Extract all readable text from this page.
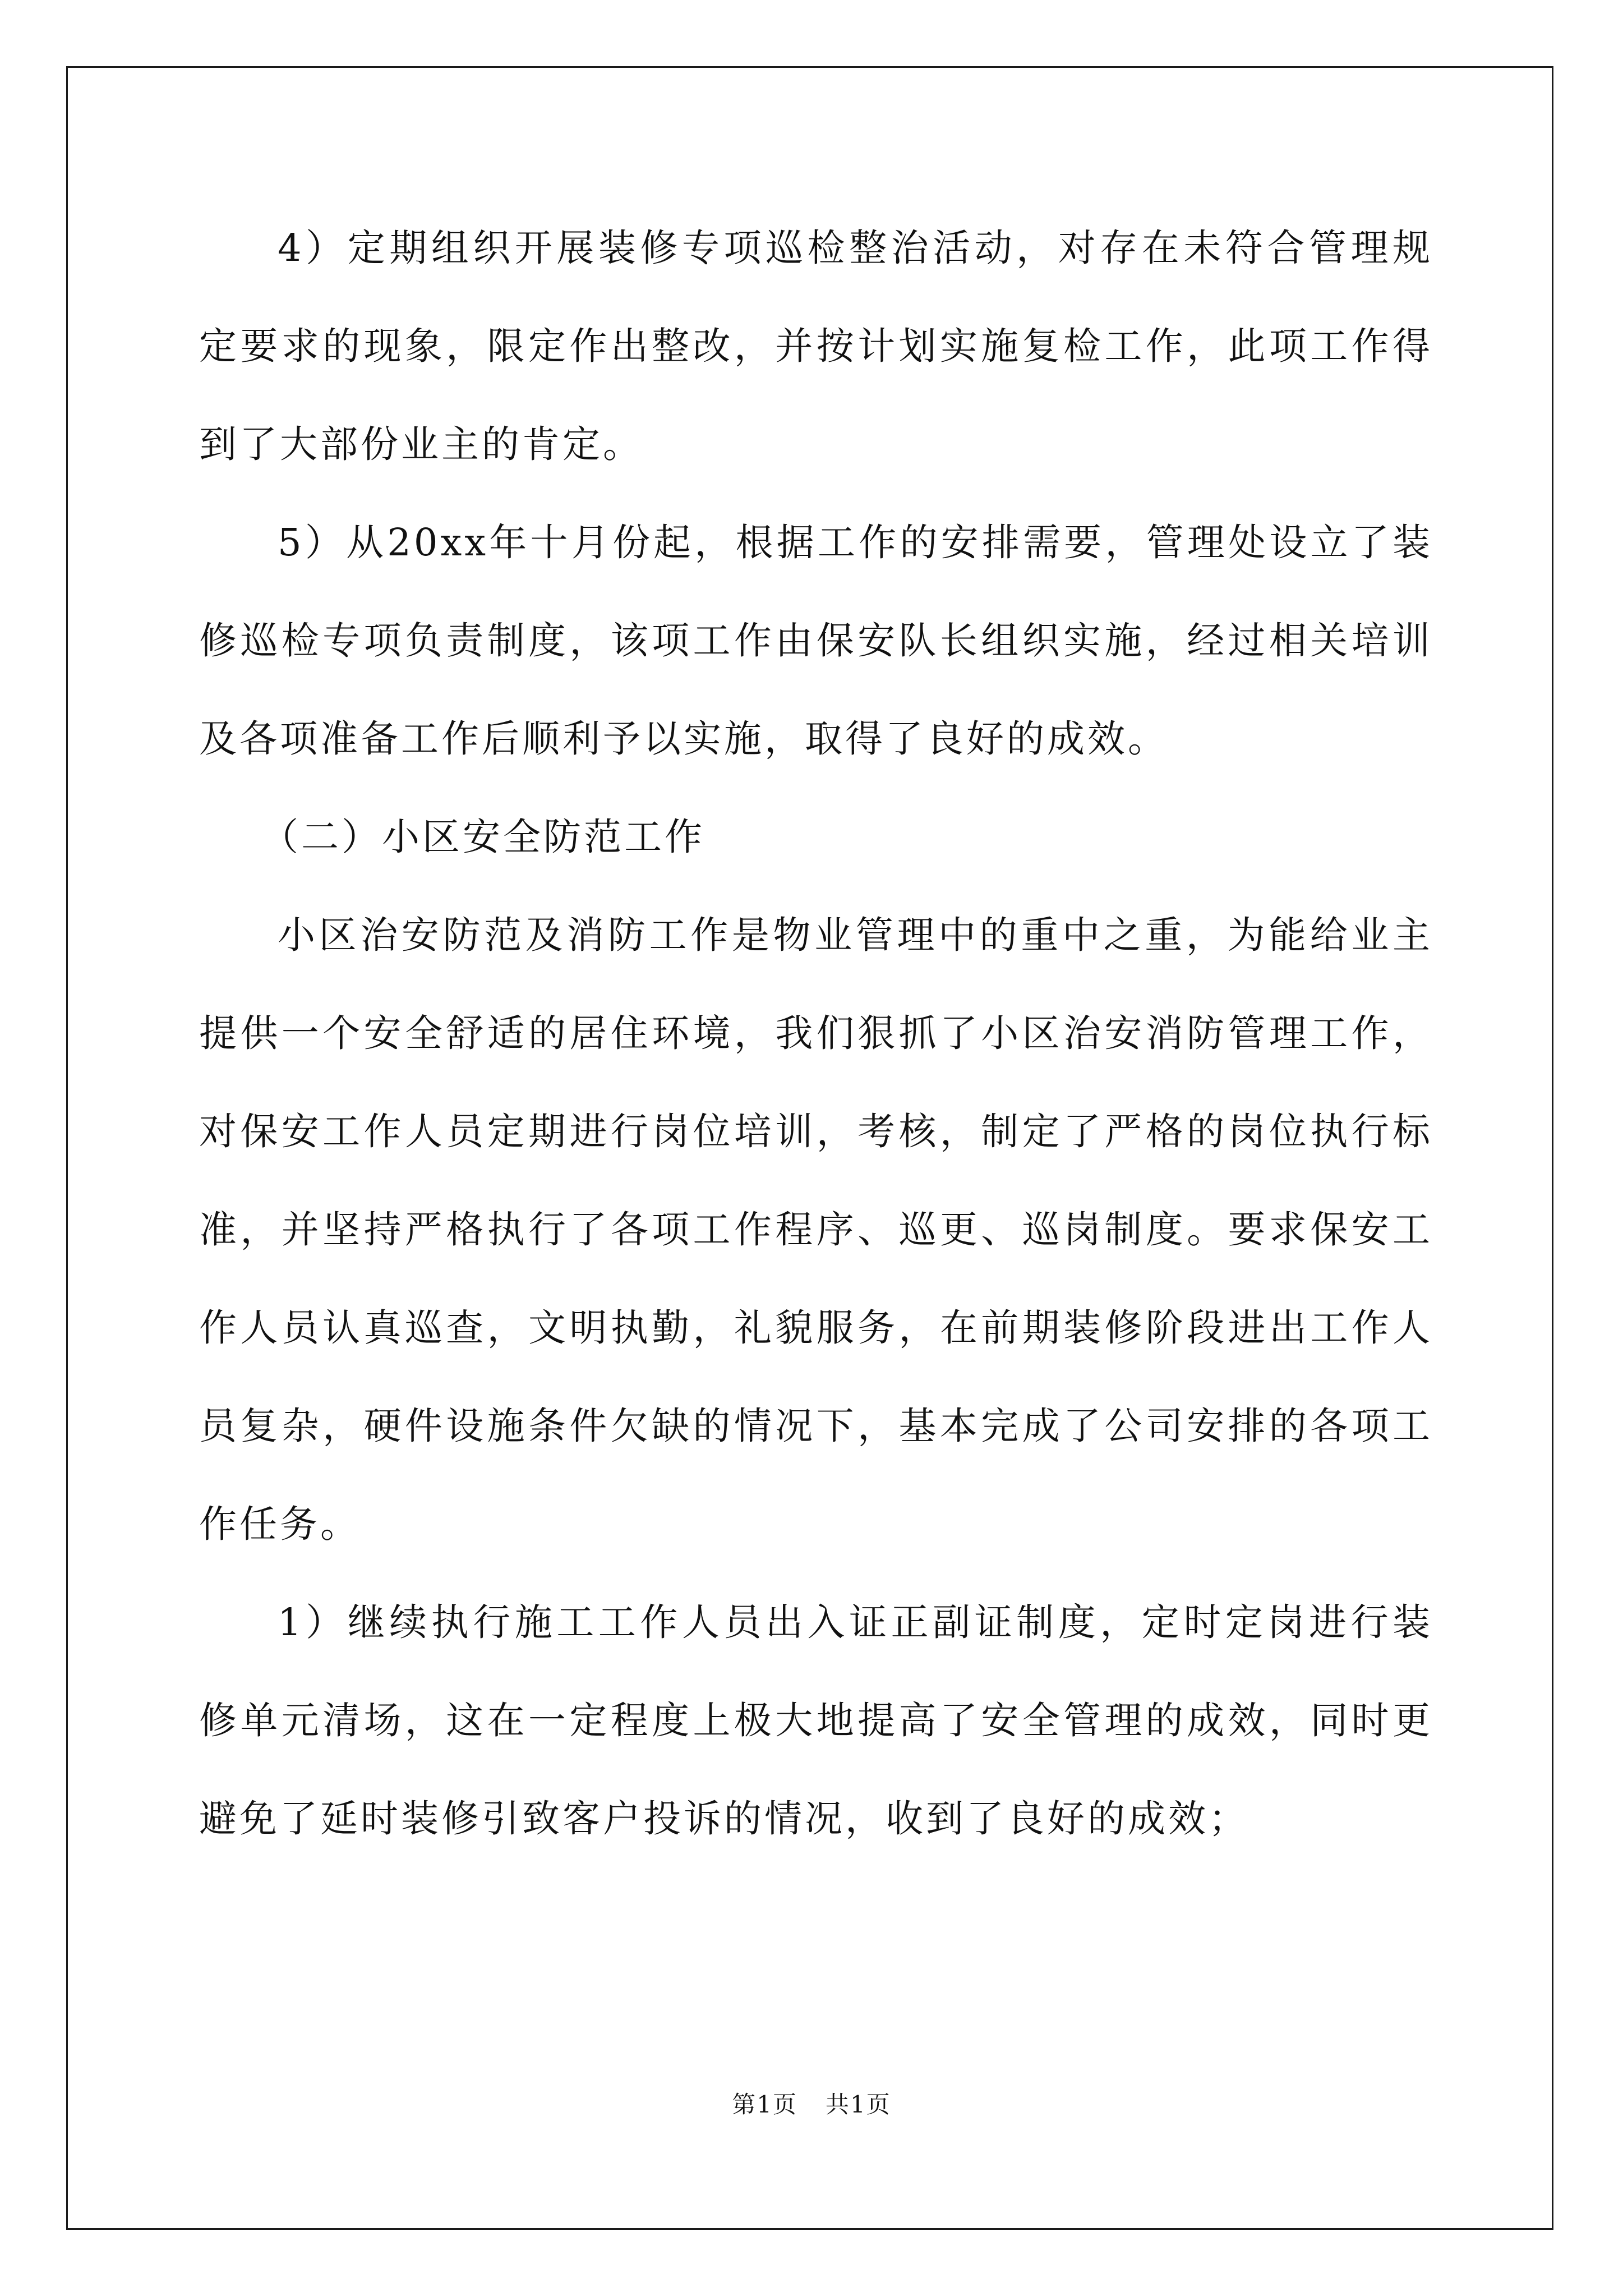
4）定期组织开展装修专项巡检整治活动，对存在未符合管理规定要求的现象，限定作出整改，并按计划实施复检工作，此项工作得到了大部份业主的肯定。

5）从20xx年十月份起，根据工作的安排需要，管理处设立了装修巡检专项负责制度，该项工作由保安队长组织实施，经过相关培训及各项准备工作后顺利予以实施，取得了良好的成效。

（二）小区安全防范工作

小区治安防范及消防工作是物业管理中的重中之重，为能给业主提供一个安全舒适的居住环境，我们狠抓了小区治安消防管理工作，对保安工作人员定期进行岗位培训，考核，制定了严格的岗位执行标准，并坚持严格执行了各项工作程序、巡更、巡岗制度。要求保安工作人员认真巡查，文明执勤，礼貌服务，在前期装修阶段进出工作人员复杂，硬件设施条件欠缺的情况下，基本完成了公司安排的各项工作任务。

1）继续执行施工工作人员出入证正副证制度，定时定岗进行装修单元清场，这在一定程度上极大地提高了安全管理的成效，同时更避免了延时装修引致客户投诉的情况，收到了良好的成效；

第1页 共1页
